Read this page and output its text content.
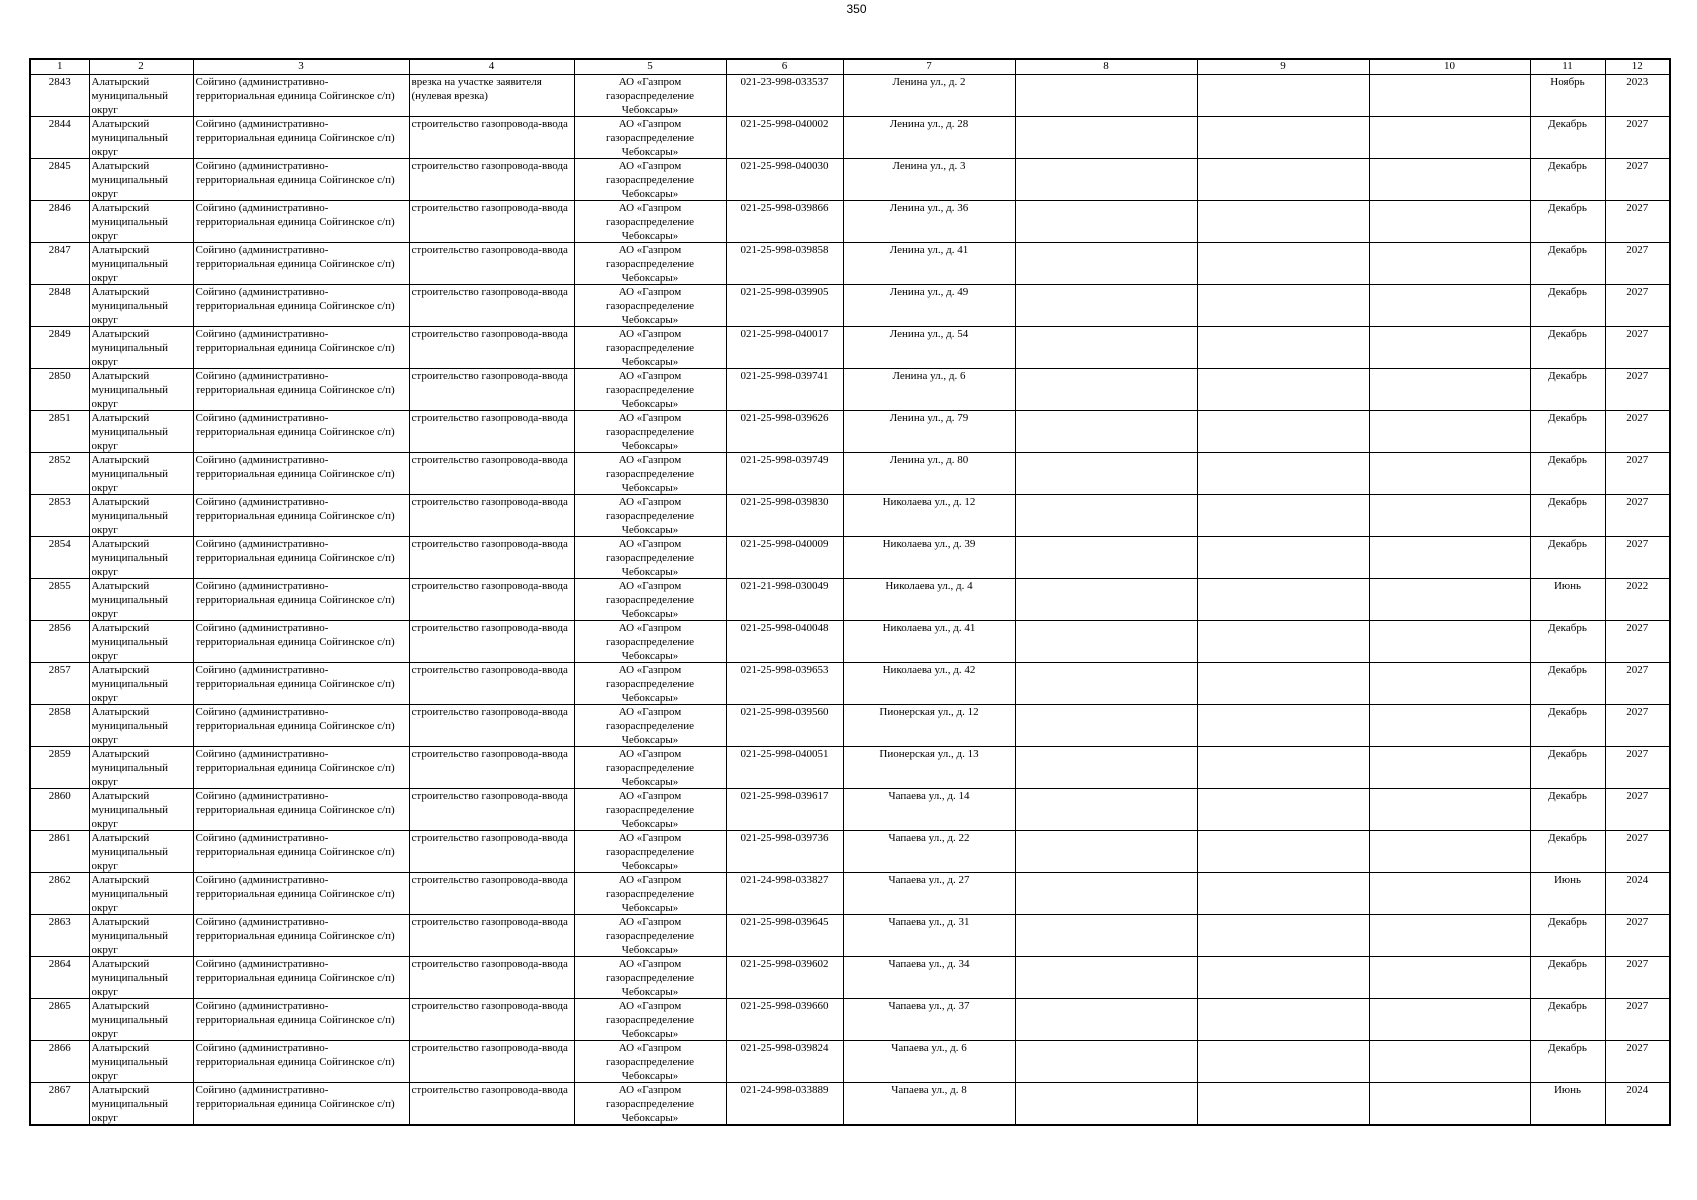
350
1	2	3	4	5	6	7	8	9	10	11	12

2843	Алатырский муниципальный округ	Сойгино (административно-территориальная единица Сойгинское с/п)	врезка на участке заявителя (нулевая врезка)	АО «Газпром газораспределение Чебоксары»	021-23-998-033537	Ленина ул., д. 2				Ноябрь	2023

2844	Алатырский муниципальный округ	Сойгино (административно-территориальная единица Сойгинское с/п)	строительство газопровода-ввода	АО «Газпром газораспределение Чебоксары»	021-25-998-040002	Ленина ул., д. 28				Декабрь	2027

2845	Алатырский муниципальный округ	Сойгино (административно-территориальная единица Сойгинское с/п)	строительство газопровода-ввода	АО «Газпром газораспределение Чебоксары»	021-25-998-040030	Ленина ул., д. 3				Декабрь	2027

2846	Алатырский муниципальный округ	Сойгино (административно-территориальная единица Сойгинское с/п)	строительство газопровода-ввода	АО «Газпром газораспределение Чебоксары»	021-25-998-039866	Ленина ул., д. 36				Декабрь	2027

2847	Алатырский муниципальный округ	Сойгино (административно-территориальная единица Сойгинское с/п)	строительство газопровода-ввода	АО «Газпром газораспределение Чебоксары»	021-25-998-039858	Ленина ул., д. 41				Декабрь	2027

2848	Алатырский муниципальный округ	Сойгино (административно-территориальная единица Сойгинское с/п)	строительство газопровода-ввода	АО «Газпром газораспределение Чебоксары»	021-25-998-039905	Ленина ул., д. 49				Декабрь	2027

2849	Алатырский муниципальный округ	Сойгино (административно-территориальная единица Сойгинское с/п)	строительство газопровода-ввода	АО «Газпром газораспределение Чебоксары»	021-25-998-040017	Ленина ул., д. 54				Декабрь	2027

2850	Алатырский муниципальный округ	Сойгино (административно-территориальная единица Сойгинское с/п)	строительство газопровода-ввода	АО «Газпром газораспределение Чебоксары»	021-25-998-039741	Ленина ул., д. 6				Декабрь	2027

2851	Алатырский муниципальный округ	Сойгино (административно-территориальная единица Сойгинское с/п)	строительство газопровода-ввода	АО «Газпром газораспределение Чебоксары»	021-25-998-039626	Ленина ул., д. 79				Декабрь	2027

2852	Алатырский муниципальный округ	Сойгино (административно-территориальная единица Сойгинское с/п)	строительство газопровода-ввода	АО «Газпром газораспределение Чебоксары»	021-25-998-039749	Ленина ул., д. 80				Декабрь	2027

2853	Алатырский муниципальный округ	Сойгино (административно-территориальная единица Сойгинское с/п)	строительство газопровода-ввода	АО «Газпром газораспределение Чебоксары»	021-25-998-039830	Николаева ул., д. 12				Декабрь	2027

2854	Алатырский муниципальный округ	Сойгино (административно-территориальная единица Сойгинское с/п)	строительство газопровода-ввода	АО «Газпром газораспределение Чебоксары»	021-25-998-040009	Николаева ул., д. 39				Декабрь	2027

2855	Алатырский муниципальный округ	Сойгино (административно-территориальная единица Сойгинское с/п)	строительство газопровода-ввода	АО «Газпром газораспределение Чебоксары»	021-21-998-030049	Николаева ул., д. 4				Июнь	2022

2856	Алатырский муниципальный округ	Сойгино (административно-территориальная единица Сойгинское с/п)	строительство газопровода-ввода	АО «Газпром газораспределение Чебоксары»	021-25-998-040048	Николаева ул., д. 41				Декабрь	2027

2857	Алатырский муниципальный округ	Сойгино (административно-территориальная единица Сойгинское с/п)	строительство газопровода-ввода	АО «Газпром газораспределение Чебоксары»	021-25-998-039653	Николаева ул., д. 42				Декабрь	2027

2858	Алатырский муниципальный округ	Сойгино (административно-территориальная единица Сойгинское с/п)	строительство газопровода-ввода	АО «Газпром газораспределение Чебоксары»	021-25-998-039560	Пионерская ул., д. 12				Декабрь	2027

2859	Алатырский муниципальный округ	Сойгино (административно-территориальная единица Сойгинское с/п)	строительство газопровода-ввода	АО «Газпром газораспределение Чебоксары»	021-25-998-040051	Пионерская ул., д. 13				Декабрь	2027

2860	Алатырский муниципальный округ	Сойгино (административно-территориальная единица Сойгинское с/п)	строительство газопровода-ввода	АО «Газпром газораспределение Чебоксары»	021-25-998-039617	Чапаева ул., д. 14				Декабрь	2027

2861	Алатырский муниципальный округ	Сойгино (административно-территориальная единица Сойгинское с/п)	строительство газопровода-ввода	АО «Газпром газораспределение Чебоксары»	021-25-998-039736	Чапаева ул., д. 22				Декабрь	2027

2862	Алатырский муниципальный округ	Сойгино (административно-территориальная единица Сойгинское с/п)	строительство газопровода-ввода	АО «Газпром газораспределение Чебоксары»	021-24-998-033827	Чапаева ул., д. 27				Июнь	2024

2863	Алатырский муниципальный округ	Сойгино (административно-территориальная единица Сойгинское с/п)	строительство газопровода-ввода	АО «Газпром газораспределение Чебоксары»	021-25-998-039645	Чапаева ул., д. 31				Декабрь	2027

2864	Алатырский муниципальный округ	Сойгино (административно-территориальная единица Сойгинское с/п)	строительство газопровода-ввода	АО «Газпром газораспределение Чебоксары»	021-25-998-039602	Чапаева ул., д. 34				Декабрь	2027

2865	Алатырский муниципальный округ	Сойгино (административно-территориальная единица Сойгинское с/п)	строительство газопровода-ввода	АО «Газпром газораспределение Чебоксары»	021-25-998-039660	Чапаева ул., д. 37				Декабрь	2027

2866	Алатырский муниципальный округ	Сойгино (административно-территориальная единица Сойгинское с/п)	строительство газопровода-ввода	АО «Газпром газораспределение Чебоксары»	021-25-998-039824	Чапаева ул., д. 6				Декабрь	2027

2867	Алатырский муниципальный округ	Сойгино (административно-территориальная единица Сойгинское с/п)	строительство газопровода-ввода	АО «Газпром газораспределение Чебоксары»	021-24-998-033889	Чапаева ул., д. 8				Июнь	2024
